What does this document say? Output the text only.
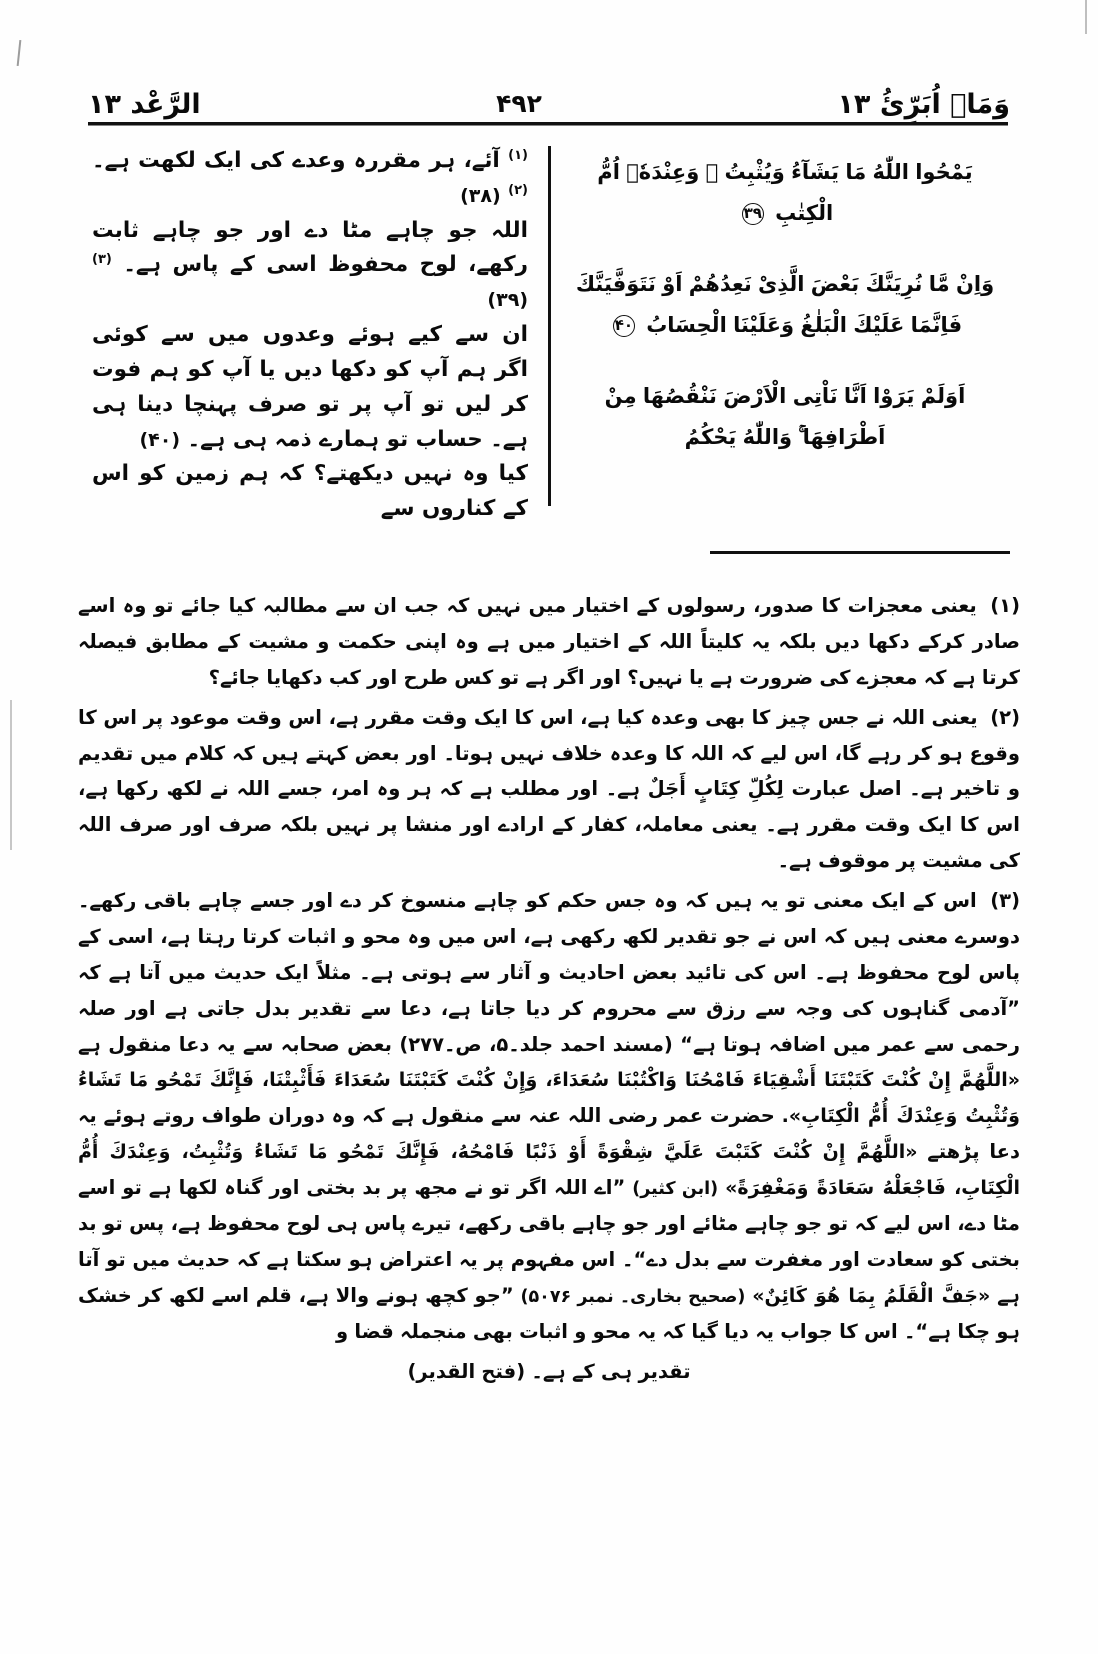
وَمَاۤ اُبَرِّئُ ١٣
۴۹۲
الرَّعْد ١٣
يَمْحُوا اللّٰهُ مَا يَشَآءُ وَيُثْبِتُ ۖ وَعِنْدَهٗۤ اُمُّ الْكِتٰبِ ۳۹
وَاِنْ مَّا نُرِيَنَّكَ بَعْضَ الَّذِىْ نَعِدُهُمْ اَوْ نَتَوَفَّيَنَّكَ فَاِنَّمَا عَلَيْكَ الْبَلٰغُ وَعَلَيْنَا الْحِسَابُ ۴۰
اَوَلَمْ يَرَوْا اَنَّا نَاْتِى الْاَرْضَ نَنْقُصُهَا مِنْ اَطْرَافِهَا ۚ وَاللّٰهُ يَحْكُمُ
$^{(١)}$ آئے، ہر مقررہ وعدے کی ایک لکھت ہے۔ $^{(٢)}$ (۳۸)
اللہ جو چاہے مٹا دے اور جو چاہے ثابت رکھے، لوح محفوظ اسی کے پاس ہے۔ $^{(٣)}$ (۳۹)
ان سے کیے ہوئے وعدوں میں سے کوئی اگر ہم آپ کو دکھا دیں یا آپ کو ہم فوت کر لیں تو آپ پر تو صرف پہنچا دینا ہی ہے۔ حساب تو ہمارے ذمہ ہی ہے۔ (۴۰)
کیا وہ نہیں دیکھتے؟ کہ ہم زمین کو اس کے کناروں سے
(١) یعنی معجزات کا صدور، رسولوں کے اختیار میں نہیں کہ جب ان سے مطالبہ کیا جائے تو وہ اسے صادر کرکے دکھا دیں بلکہ یہ کلیتاً اللہ کے اختیار میں ہے وہ اپنی حکمت و مشیت کے مطابق فیصلہ کرتا ہے کہ معجزے کی ضرورت ہے یا نہیں؟ اور اگر ہے تو کس طرح اور کب دکھایا جائے؟
(٢) یعنی اللہ نے جس چیز کا بھی وعدہ کیا ہے، اس کا ایک وقت مقرر ہے، اس وقت موعود پر اس کا وقوع ہو کر رہے گا، اس لیے کہ اللہ کا وعدہ خلاف نہیں ہوتا۔ اور بعض کہتے ہیں کہ کلام میں تقدیم و تاخیر ہے۔ اصل عبارت لِكُلِّ كِتَابٍ أَجَلٌ ہے۔ اور مطلب ہے کہ ہر وہ امر، جسے اللہ نے لکھ رکھا ہے، اس کا ایک وقت مقرر ہے۔ یعنی معاملہ، کفار کے ارادے اور منشا پر نہیں بلکہ صرف اور صرف اللہ کی مشیت پر موقوف ہے۔
(٣) اس کے ایک معنی تو یہ ہیں کہ وہ جس حکم کو چاہے منسوخ کر دے اور جسے چاہے باقی رکھے۔ دوسرے معنی ہیں کہ اس نے جو تقدیر لکھ رکھی ہے، اس میں وہ محو و اثبات کرتا رہتا ہے، اسی کے پاس لوح محفوظ ہے۔ اس کی تائید بعض احادیث و آثار سے ہوتی ہے۔ مثلاً ایک حدیث میں آتا ہے کہ ”آدمی گناہوں کی وجہ سے رزق سے محروم کر دیا جاتا ہے، دعا سے تقدیر بدل جاتی ہے اور صلہ رحمی سے عمر میں اضافہ ہوتا ہے“ (مسند احمد جلد۔۵، ص۔۲۷۷) بعض صحابہ سے یہ دعا منقول ہے «اللَّهُمَّ إِنْ كُنْتَ كَتَبْتَنَا أَشْقِيَاءَ فَامْحُنَا وَاكْتُبْنَا سُعَدَاءَ، وَإِنْ كُنْتَ كَتَبْتَنَا سُعَدَاءَ فَأَثْبِتْنَا، فَإِنَّكَ تَمْحُو مَا تَشَاءُ وَتُثْبِتُ وَعِنْدَكَ أُمُّ الْكِتَابِ». حضرت عمر رضی اللہ عنہ سے منقول ہے کہ وہ دوران طواف روتے ہوئے یہ دعا پڑھتے «اللَّهُمَّ إِنْ كُنْتَ كَتَبْتَ عَلَيَّ شِقْوَةً أَوْ ذَنْبًا فَامْحُهُ، فَإِنَّكَ تَمْحُو مَا تَشَاءُ وَتُثْبِتُ، وَعِنْدَكَ أُمُّ الْكِتَابِ، فَاجْعَلْهُ سَعَادَةً وَمَغْفِرَةً» (ابن کثیر) ”اے اللہ اگر تو نے مجھ پر بد بختی اور گناہ لکھا ہے تو اسے مٹا دے، اس لیے کہ تو جو چاہے مٹائے اور جو چاہے باقی رکھے، تیرے پاس ہی لوح محفوظ ہے، پس تو بد بختی کو سعادت اور مغفرت سے بدل دے“۔ اس مفہوم پر یہ اعتراض ہو سکتا ہے کہ حدیث میں تو آتا ہے «جَفَّ الْقَلَمُ بِمَا هُوَ كَائِنٌ» (صحیح بخاری۔ نمبر ۵۰۷۶) ”جو کچھ ہونے والا ہے، قلم اسے لکھ کر خشک ہو چکا ہے“۔ اس کا جواب یہ دیا گیا کہ یہ محو و اثبات بھی منجملہ قضا و
تقدیر ہی کے ہے۔ (فتح القدیر)
